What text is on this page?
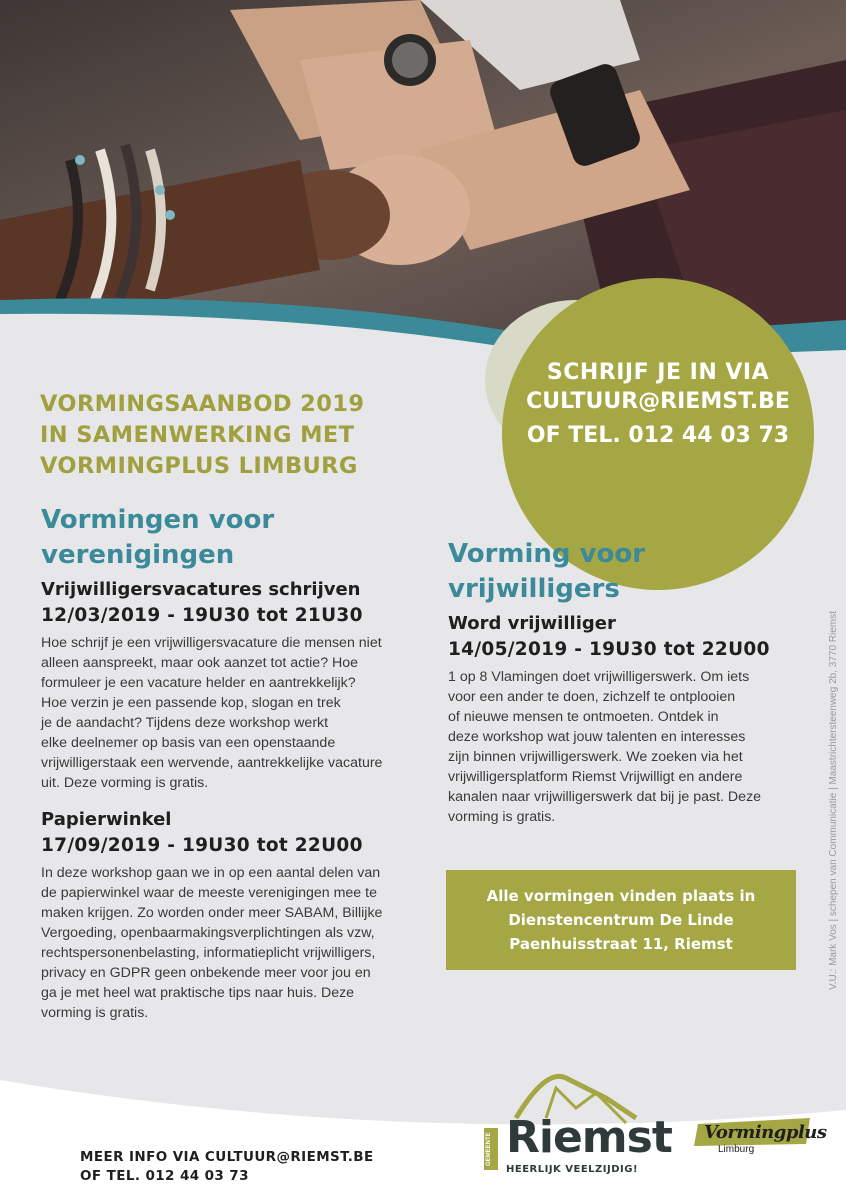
SCHRIJF JE IN VIA
CULTUUR@RIEMST.BE
OF TEL. 012 44 03 73
VORMINGSAANBOD 2019
IN SAMENWERKING MET
VORMINGPLUS LIMBURG
Vormingen voor
verenigingen
Vrijwilligersvacatures schrijven
12/03/2019 - 19U30 tot 21U30

Hoe schrijf je een vrijwilligersvacature die mensen niet
alleen aanspreekt, maar ook aanzet tot actie? Hoe
formuleer je een vacature helder en aantrekkelijk?
Hoe verzin je een passende kop, slogan en trek
je de aandacht? Tijdens deze workshop werkt
elke deelnemer op basis van een openstaande
vrijwilligerstaak een wervende, aantrekkelijke vacature
uit. Deze vorming is gratis.

Papierwinkel
17/09/2019 - 19U30 tot 22U00

In deze workshop gaan we in op een aantal delen van
de papierwinkel waar de meeste verenigingen mee te
maken krijgen. Zo worden onder meer SABAM, Billijke
Vergoeding, openbaarmakingsverplichtingen als vzw,
rechtspersonenbelasting, informatieplicht vrijwilligers,
privacy en GDPR geen onbekende meer voor jou en
ga je met heel wat praktische tips naar huis. Deze
vorming is gratis.

Vorming voor
vrijwilligers
Word vrijwilliger
14/05/2019 - 19U30 tot 22U00

1 op 8 Vlamingen doet vrijwilligerswerk. Om iets
voor een ander te doen, zichzelf te ontplooien
of nieuwe mensen te ontmoeten. Ontdek in
deze workshop wat jouw talenten en interesses
zijn binnen vrijwilligerswerk. We zoeken via het
vrijwilligersplatform Riemst Vrijwilligt en andere
kanalen naar vrijwilligerswerk dat bij je past. Deze
vorming is gratis.

Alle vormingen vinden plaats in
Dienstencentrum De Linde
Paenhuisstraat 11, Riemst	V.U.: Mark Vos | schepen van Communicatie | Maastrichtersteenweg 2b, 3770 Riemst
MEER INFO VIA CULTUUR@RIEMST.BE
OF TEL. 012 44 03 73
GEMEENTE Riemst
HEERLIJK VEELZIJDIG!
Vormingplus
Limburg
